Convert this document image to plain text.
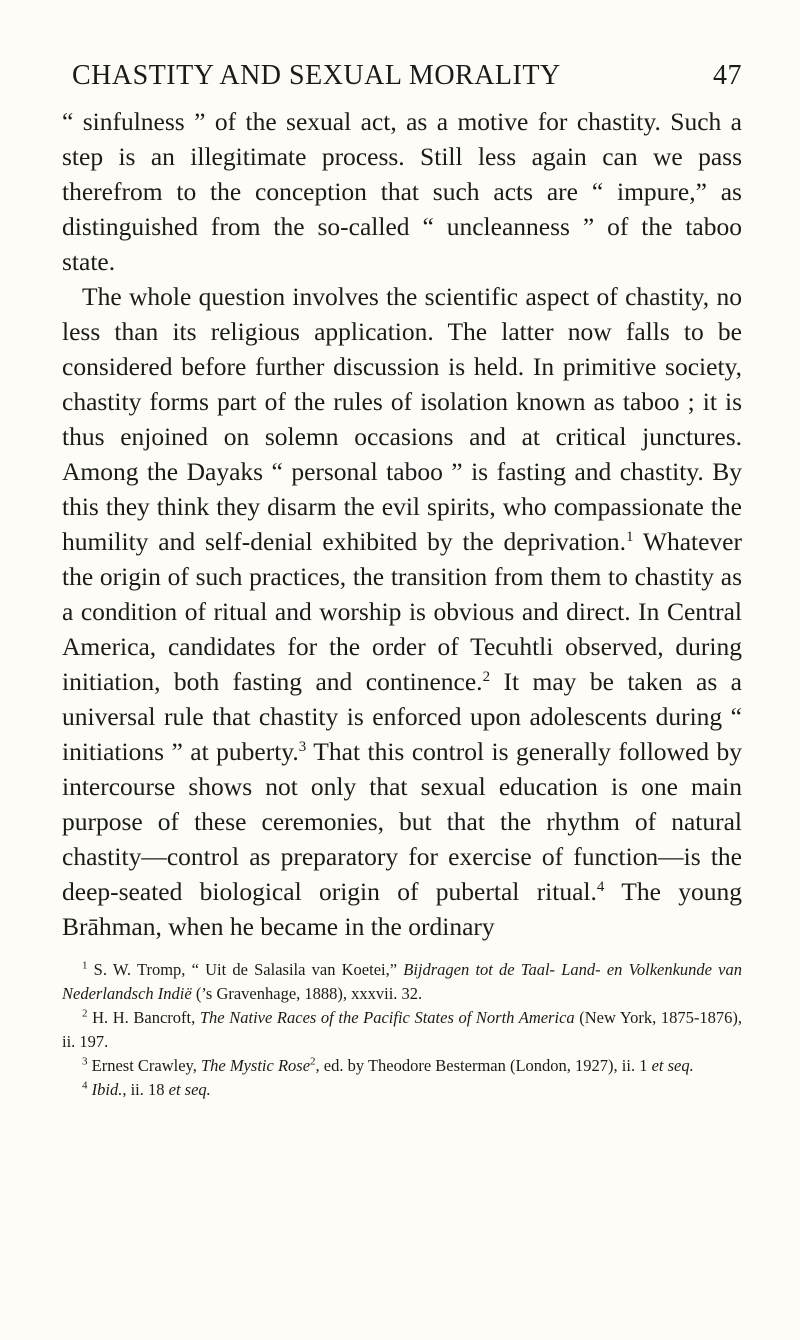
CHASTITY AND SEXUAL MORALITY	47

“ sinfulness ” of the sexual act, as a motive for chastity. Such a step is an illegitimate process. Still less again can we pass therefrom to the conception that such acts are “ impure,” as distinguished from the so-called “ uncleanness ” of the taboo state.

The whole question involves the scientific aspect of chastity, no less than its religious application. The latter now falls to be considered before further discussion is held. In primitive society, chastity forms part of the rules of isolation known as taboo ; it is thus enjoined on solemn occasions and at critical junctures. Among the Dayaks “ personal taboo ” is fasting and chastity. By this they think they disarm the evil spirits, who compassionate the humility and self-denial exhibited by the deprivation.$^1$ Whatever the origin of such practices, the transition from them to chastity as a condition of ritual and worship is obvious and direct. In Central America, candidates for the order of Tecuhtli observed, during initiation, both fasting and continence.$^2$ It may be taken as a universal rule that chastity is enforced upon adolescents during “ initiations ” at puberty.$^3$ That this control is generally followed by intercourse shows not only that sexual education is one main purpose of these ceremonies, but that the rhythm of natural chastity—control as preparatory for exercise of function—is the deep-seated biological origin of pubertal ritual.$^4$ The young Brāhman, when he became in the ordinary

$^1$ S. W. Tromp, “ Uit de Salasila van Koetei,” Bijdragen tot de Taal- Land- en Volkenkunde van Nederlandsch Indië (’s Gravenhage, 1888), xxxvii. 32.

$^2$ H. H. Bancroft, The Native Races of the Pacific States of North America (New York, 1875-1876), ii. 197.

$^3$ Ernest Crawley, The Mystic Rose$^2$, ed. by Theodore Besterman (London, 1927), ii. 1 et seq.

$^4$ Ibid., ii. 18 et seq.
